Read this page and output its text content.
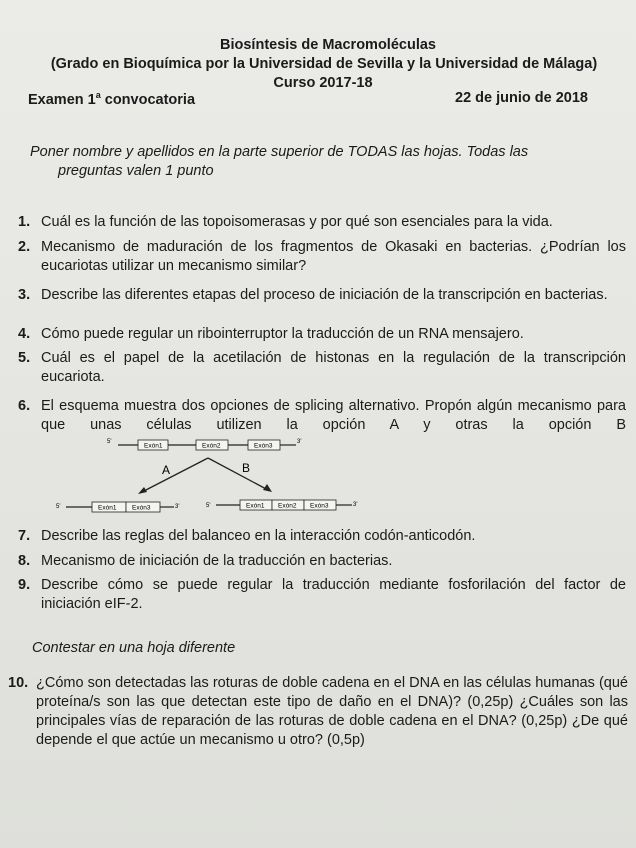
Biosíntesis de Macromoléculas
(Grado en Bioquímica por la Universidad de Sevilla y la Universidad de Málaga)
Curso 2017-18
Examen 1$^a$ convocatoria	22 de junio de 2018
Poner nombre y apellidos en la parte superior de TODAS las hojas. Todas las
preguntas valen 1 punto
1. Cuál es la función de las topoisomerasas y por qué son esenciales para la vida.
2. Mecanismo de maduración de los fragmentos de Okasaki en bacterias. ¿Podrían los eucariotas utilizar un mecanismo similar?
3. Describe las diferentes etapas del proceso de iniciación de la transcripción en bacterias.
4. Cómo puede regular un ribointerruptor la traducción de un RNA mensajero.
5. Cuál es el papel de la acetilación de histonas en la regulación de la transcripción eucariota.
6. El esquema muestra dos opciones de splicing alternativo. Propón algún mecanismo para que unas células utilizen la opción A y otras la opción B
5'
Exón1	Exón2	Exón3
3'
A	B
5'	Exón1 Exón3	3'	5'	Exón1 Exón2 Exón3	3'
7. Describe las reglas del balanceo en la interacción codón-anticodón.
8. Mecanismo de iniciación de la traducción en bacterias.
9. Describe cómo se puede regular la traducción mediante fosforilación del factor de iniciación eIF-2.
Contestar en una hoja diferente
10. ¿Cómo son detectadas las roturas de doble cadena en el DNA en las células humanas (qué proteína/s son las que detectan este tipo de daño en el DNA)? (0,25p) ¿Cuáles son las principales vías de reparación de las roturas de doble cadena en el DNA? (0,25p) ¿De qué depende el que actúe un mecanismo u otro? (0,5p)
